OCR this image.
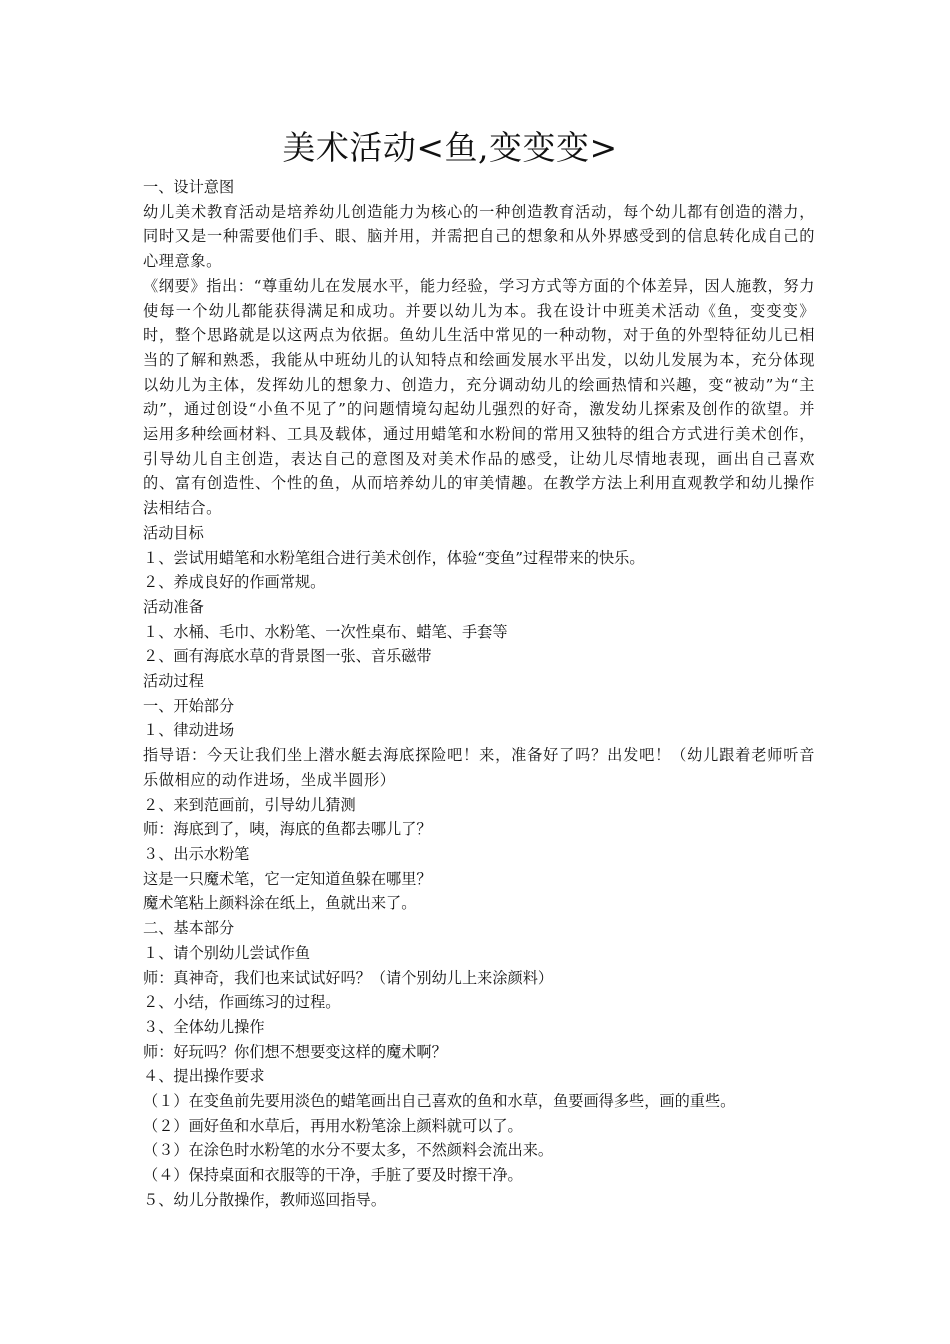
美术活动<鱼,变变变>

一、设计意图

幼儿美术教育活动是培养幼儿创造能力为核心的一种创造教育活动，每个幼儿都有创造的潜力，同时又是一种需要他们手、眼、脑并用，并需把自己的想象和从外界感受到的信息转化成自己的心理意象。

《纲要》指出：“尊重幼儿在发展水平，能力经验，学习方式等方面的个体差异，因人施教，努力使每一个幼儿都能获得满足和成功。并要以幼儿为本。我在设计中班美术活动《鱼，变变变》时，整个思路就是以这两点为依据。鱼幼儿生活中常见的一种动物，对于鱼的外型特征幼儿已相当的了解和熟悉，我能从中班幼儿的认知特点和绘画发展水平出发，以幼儿发展为本，充分体现以幼儿为主体，发挥幼儿的想象力、创造力，充分调动幼儿的绘画热情和兴趣，变“被动”为“主动”，通过创设“小鱼不见了”的问题情境勾起幼儿强烈的好奇，激发幼儿探索及创作的欲望。并运用多种绘画材料、工具及载体，通过用蜡笔和水粉间的常用又独特的组合方式进行美术创作，引导幼儿自主创造，表达自己的意图及对美术作品的感受，让幼儿尽情地表现，画出自己喜欢的、富有创造性、个性的鱼，从而培养幼儿的审美情趣。在教学方法上利用直观教学和幼儿操作法相结合。

活动目标

１、尝试用蜡笔和水粉笔组合进行美术创作，体验“变鱼”过程带来的快乐。

２、养成良好的作画常规。

活动准备

１、水桶、毛巾、水粉笔、一次性桌布、蜡笔、手套等

２、画有海底水草的背景图一张、音乐磁带

活动过程

一、开始部分

１、律动进场

指导语：今天让我们坐上潜水艇去海底探险吧！来，准备好了吗？出发吧！（幼儿跟着老师听音乐做相应的动作进场，坐成半圆形）

２、来到范画前，引导幼儿猜测

师：海底到了，咦，海底的鱼都去哪儿了？

３、出示水粉笔

这是一只魔术笔，它一定知道鱼躲在哪里？

魔术笔粘上颜料涂在纸上，鱼就出来了。

二、基本部分

１、请个别幼儿尝试作鱼

师：真神奇，我们也来试试好吗？（请个别幼儿上来涂颜料）

２、小结，作画练习的过程。

３、全体幼儿操作

师：好玩吗？你们想不想要变这样的魔术啊？

４、提出操作要求

（１）在变鱼前先要用淡色的蜡笔画出自己喜欢的鱼和水草，鱼要画得多些，画的重些。

（２）画好鱼和水草后，再用水粉笔涂上颜料就可以了。

（３）在涂色时水粉笔的水分不要太多，不然颜料会流出来。

（４）保持桌面和衣服等的干净，手脏了要及时擦干净。

５、幼儿分散操作，教师巡回指导。
